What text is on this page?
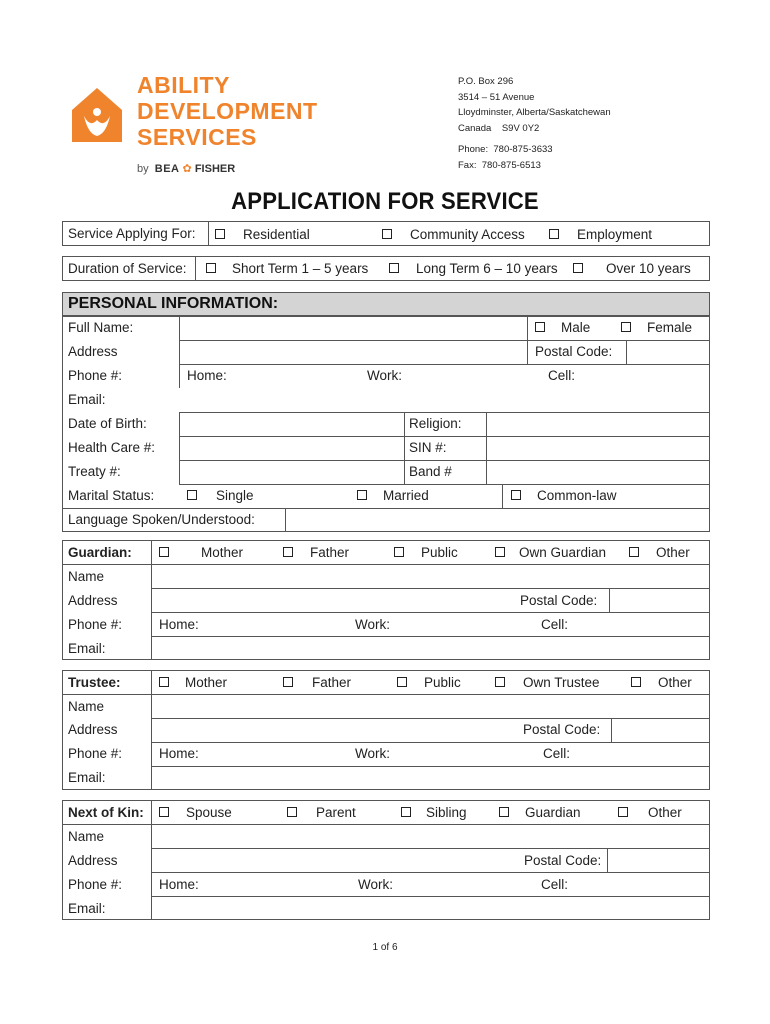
ABILITY
DEVELOPMENT
SERVICES
by BEA ✿ FISHER
P.O. Box 296
3514 – 51 Avenue
Lloydminster, Alberta/Saskatchewan
Canada    S9V 0Y2
Phone:  780-875-3633
Fax:  780-875-6513
APPLICATION FOR SERVICE
Service Applying For:	Residential	Community Access	Employment
Duration of Service:	Short Term 1 – 5 years	Long Term 6 – 10 years	Over 10 years
PERSONAL INFORMATION:
Full Name:	Male	Female
Address	Postal Code:
Phone #:	Home:	Work:	Cell:
Email:
Date of Birth:	Religion:
Health Care #:	SIN #:
Treaty #:	Band #
Marital Status:	Single	Married	Common-law
Language Spoken/Understood:
Guardian:	Mother	Father	Public	Own Guardian	Other
Name
Address	Postal Code:
Phone #:	Home:	Work:	Cell:
Email:
Trustee:	Mother	Father	Public	Own Trustee	Other
Name
Address	Postal Code:
Phone #:	Home:	Work:	Cell:
Email:
Next of Kin:	Spouse	Parent	Sibling	Guardian	Other
Name
Address	Postal Code:
Phone #:	Home:	Work:	Cell:
Email:
1 of 6
